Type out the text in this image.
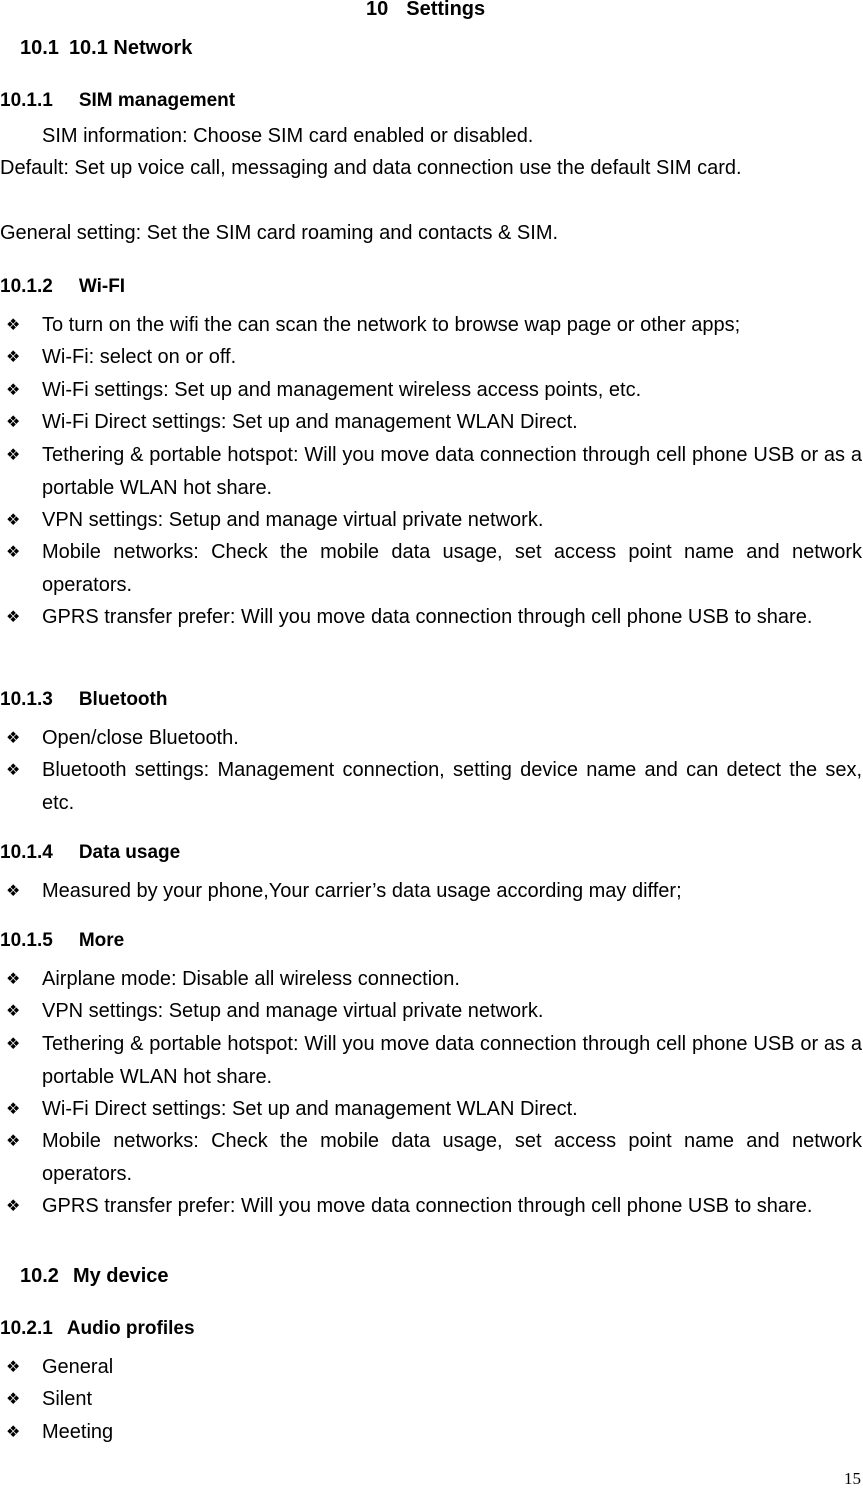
10 Settings
10.1 10.1 Network
10.1.1 SIM management
SIM information: Choose SIM card enabled or disabled.
Default: Set up voice call, messaging and data connection use the default SIM card.
General setting: Set the SIM card roaming and contacts & SIM.
10.1.2 Wi-FI
❖ To turn on the wifi the can scan the network to browse wap page or other apps;
❖ Wi-Fi: select on or off.
❖ Wi-Fi settings: Set up and management wireless access points, etc.
❖ Wi-Fi Direct settings: Set up and management WLAN Direct.
❖ Tethering & portable hotspot: Will you move data connection through cell phone USB or as a portable WLAN hot share.
❖ VPN settings: Setup and manage virtual private network.
❖ Mobile networks: Check the mobile data usage, set access point name and network operators.
❖ GPRS transfer prefer: Will you move data connection through cell phone USB to share.
10.1.3 Bluetooth
❖ Open/close Bluetooth.
❖ Bluetooth settings: Management connection, setting device name and can detect the sex, etc.
10.1.4 Data usage
❖ Measured by your phone,Your carrier’s data usage according may differ;
10.1.5 More
❖ Airplane mode: Disable all wireless connection.
❖ VPN settings: Setup and manage virtual private network.
❖ Tethering & portable hotspot: Will you move data connection through cell phone USB or as a portable WLAN hot share.
❖ Wi-Fi Direct settings: Set up and management WLAN Direct.
❖ Mobile networks: Check the mobile data usage, set access point name and network operators.
❖ GPRS transfer prefer: Will you move data connection through cell phone USB to share.
10.2 My device
10.2.1 Audio profiles
❖ General
❖ Silent
❖ Meeting
15
